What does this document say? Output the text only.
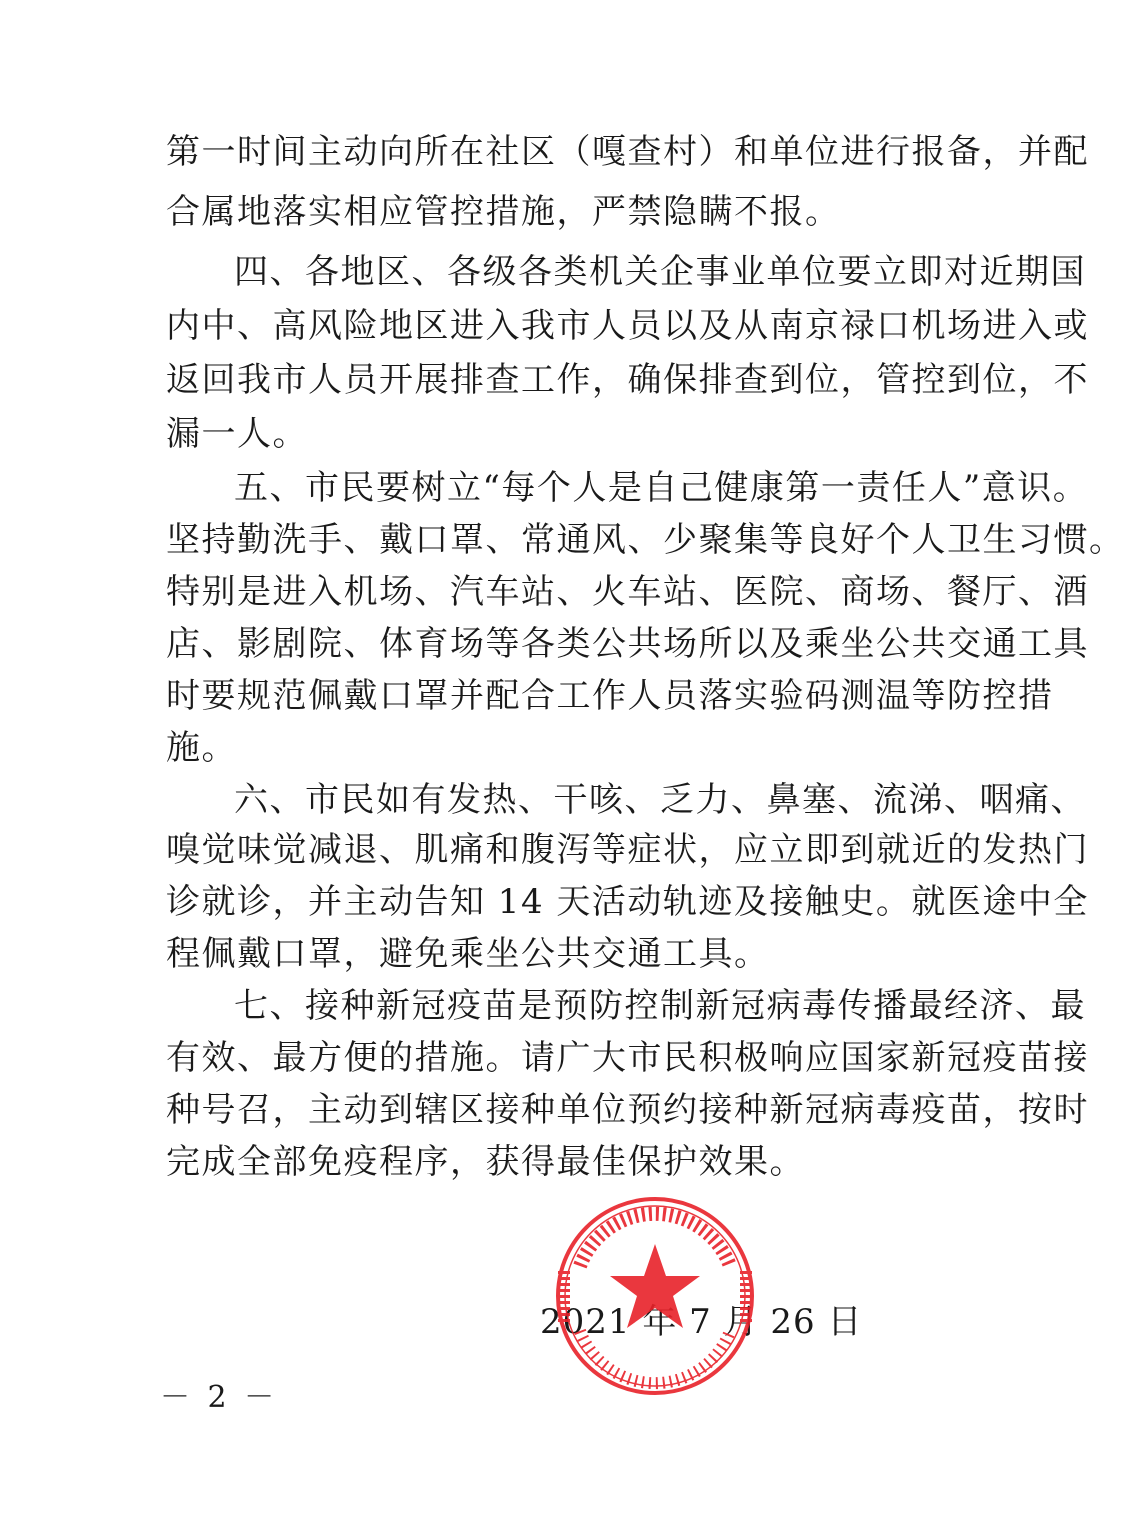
第一时间主动向所在社区（嘎查村）和单位进行报备，并配
合属地落实相应管控措施，严禁隐瞒不报。
四、各地区、各级各类机关企事业单位要立即对近期国
内中、高风险地区进入我市人员以及从南京禄口机场进入或
返回我市人员开展排查工作，确保排查到位，管控到位，不
漏一人。
五、市民要树立“每个人是自己健康第一责任人”意识。
坚持勤洗手、戴口罩、常通风、少聚集等良好个人卫生习惯。
特别是进入机场、汽车站、火车站、医院、商场、餐厅、酒
店、影剧院、体育场等各类公共场所以及乘坐公共交通工具
时要规范佩戴口罩并配合工作人员落实验码测温等防控措
施。
六、市民如有发热、干咳、乏力、鼻塞、流涕、咽痛、
嗅觉味觉减退、肌痛和腹泻等症状，应立即到就近的发热门
诊就诊，并主动告知 14 天活动轨迹及接触史。就医途中全
程佩戴口罩，避免乘坐公共交通工具。
七、接种新冠疫苗是预防控制新冠病毒传播最经济、最
有效、最方便的措施。请广大市民积极响应国家新冠疫苗接
种号召，主动到辖区接种单位预约接种新冠病毒疫苗，按时
完成全部免疫程序，获得最佳保护效果。
2021 年 7 月 26 日
－ 2 －
